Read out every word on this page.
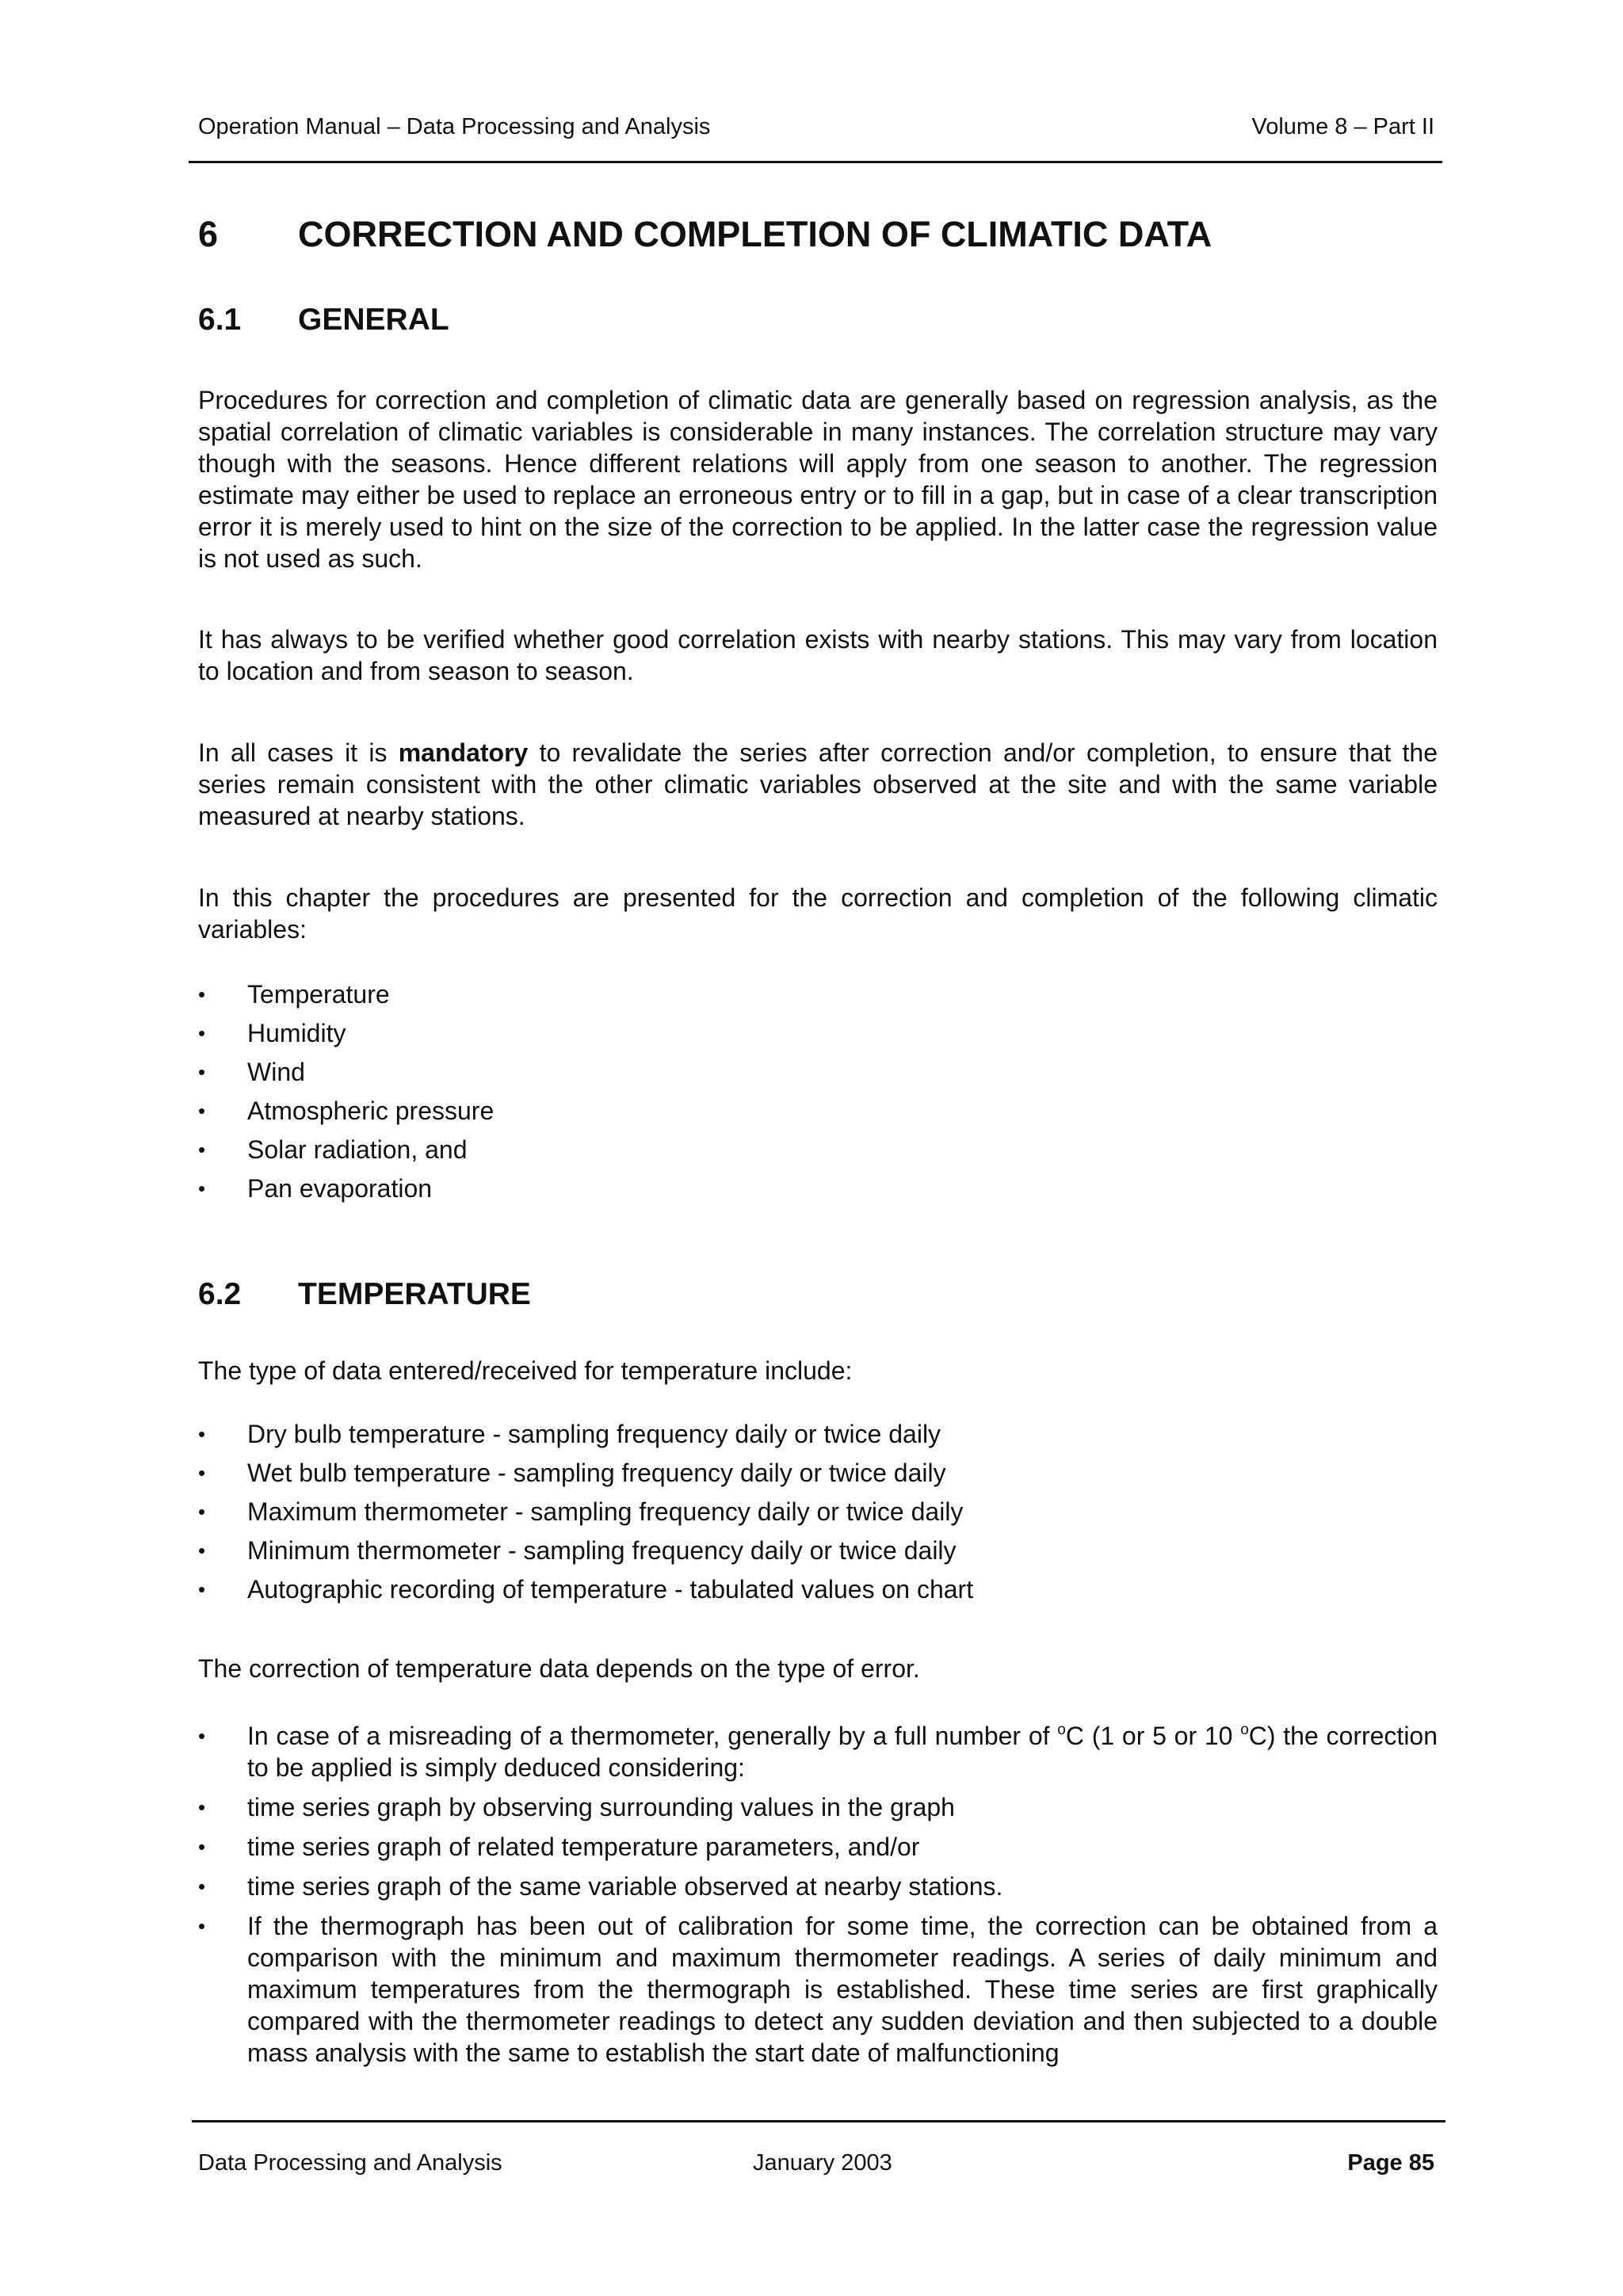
Operation Manual – Data Processing and Analysis	Volume 8 – Part II
6	CORRECTION AND COMPLETION OF CLIMATIC DATA
6.1	GENERAL

Procedures for correction and completion of climatic data are generally based on regression analysis, as the spatial correlation of climatic variables is considerable in many instances. The correlation structure may vary though with the seasons. Hence different relations will apply from one season to another. The regression estimate may either be used to replace an erroneous entry or to fill in a gap, but in case of a clear transcription error it is merely used to hint on the size of the correction to be applied. In the latter case the regression value is not used as such.

It has always to be verified whether good correlation exists with nearby stations. This may vary from location to location and from season to season.

In all cases it is mandatory to revalidate the series after correction and/or completion, to ensure that the series remain consistent with the other climatic variables observed at the site and with the same variable measured at nearby stations.

In this chapter the procedures are presented for the correction and completion of the following climatic variables:

•	Temperature
•	Humidity
•	Wind
•	Atmospheric pressure
•	Solar radiation, and
•	Pan evaporation
6.2	TEMPERATURE

The type of data entered/received for temperature include:

•	Dry bulb temperature - sampling frequency daily or twice daily
•	Wet bulb temperature - sampling frequency daily or twice daily
•	Maximum thermometer - sampling frequency daily or twice daily
•	Minimum thermometer - sampling frequency daily or twice daily
•	Autographic recording of temperature - tabulated values on chart

The correction of temperature data depends on the type of error.

•	In case of a misreading of a thermometer, generally by a full number of $^o$C (1 or 5 or 10 $^o$C) the correction to be applied is simply deduced considering:
•	time series graph by observing surrounding values in the graph
•	time series graph of related temperature parameters, and/or
•	time series graph of the same variable observed at nearby stations.
•	If the thermograph has been out of calibration for some time, the correction can be obtained from a comparison with the minimum and maximum thermometer readings. A series of daily minimum and maximum temperatures from the thermograph is established. These time series are first graphically compared with the thermometer readings to detect any sudden deviation and then subjected to a double mass analysis with the same to establish the start date of malfunctioning
Data Processing and Analysis	January 2003	Page 85
